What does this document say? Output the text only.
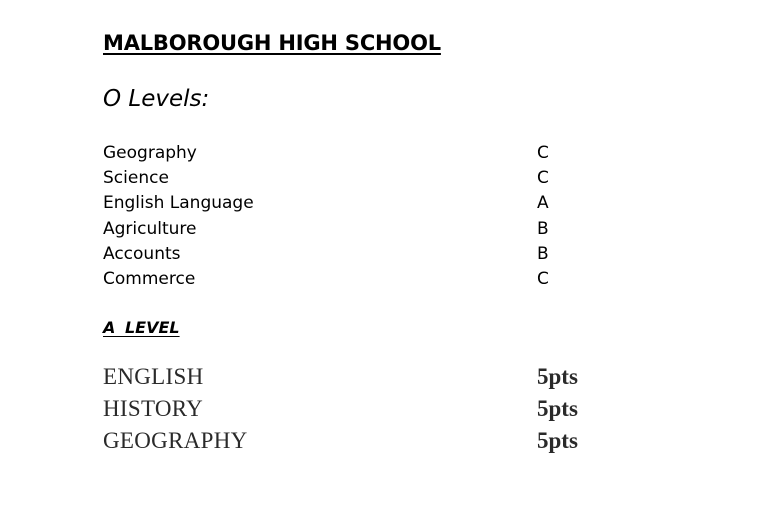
'
MALBOROUGH HIGH SCHOOL
O Levels:
Geography	C
Science	C
English Language	A
Agriculture	B
Accounts	B
Commerce	C
A LEVEL
ENGLISH	5pts
HISTORY	5pts
GEOGRAPHY	5pts
